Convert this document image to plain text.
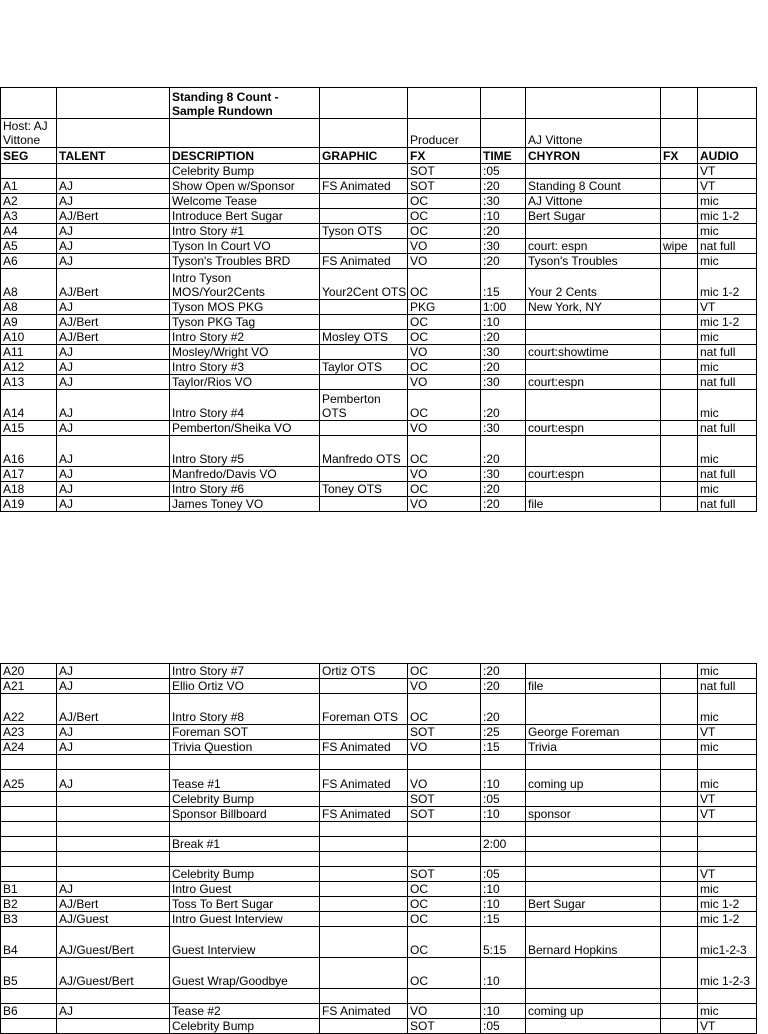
		Standing 8 Count - Sample Rundown						
Host: AJ Vittone				Producer		AJ Vittone		
SEG	TALENT	DESCRIPTION	GRAPHIC	FX	TIME	CHYRON	FX	AUDIO
		Celebrity Bump		SOT	:05			VT
A1	AJ	Show Open w/Sponsor	FS Animated	SOT	:20	Standing 8 Count		VT
A2	AJ	Welcome Tease		OC	:30	AJ Vittone		mic
A3	AJ/Bert	Introduce Bert Sugar		OC	:10	Bert Sugar		mic 1-2
A4	AJ	Intro Story #1	Tyson OTS	OC	:20			mic
A5	AJ	Tyson In Court VO		VO	:30	court: espn	wipe	nat full
A6	AJ	Tyson's Troubles BRD	FS Animated	VO	:20	Tyson's Troubles		mic
A8	AJ/Bert	Intro Tyson MOS/Your2Cents	Your2Cent OTS	OC	:15	Your 2 Cents		mic 1-2
A8	AJ	Tyson MOS PKG		PKG	1:00	New York, NY		VT
A9	AJ/Bert	Tyson PKG Tag		OC	:10			mic 1-2
A10	AJ/Bert	Intro Story #2	Mosley OTS	OC	:20			mic
A11	AJ	Mosley/Wright VO		VO	:30	court:showtime		nat full
A12	AJ	Intro Story #3	Taylor OTS	OC	:20			mic
A13	AJ	Taylor/Rios VO		VO	:30	court:espn		nat full
A14	AJ	Intro Story #4	Pemberton OTS	OC	:20			mic
A15	AJ	Pemberton/Sheika VO		VO	:30	court:espn		nat full
A16	AJ	Intro Story #5	Manfredo OTS	OC	:20			mic
A17	AJ	Manfredo/Davis VO		VO	:30	court:espn		nat full
A18	AJ	Intro Story #6	Toney OTS	OC	:20			mic
A19	AJ	James Toney VO		VO	:20	file		nat full
A20	AJ	Intro Story #7	Ortiz OTS	OC	:20			mic
A21	AJ	Ellio Ortiz VO		VO	:20	file		nat full
A22	AJ/Bert	Intro Story #8	Foreman OTS	OC	:20			mic
A23	AJ	Foreman SOT		SOT	:25	George Foreman		VT
A24	AJ	Trivia Question	FS Animated	VO	:15	Trivia		mic

A25	AJ	Tease #1	FS Animated	VO	:10	coming up		mic
		Celebrity Bump		SOT	:05			VT
		Sponsor Billboard	FS Animated	SOT	:10	sponsor		VT

		Break #1			2:00			

		Celebrity Bump		SOT	:05			VT
B1	AJ	Intro Guest		OC	:10			mic
B2	AJ/Bert	Toss To Bert Sugar		OC	:10	Bert Sugar		mic 1-2
B3	AJ/Guest	Intro Guest Interview		OC	:15			mic 1-2
B4	AJ/Guest/Bert	Guest Interview		OC	5:15	Bernard Hopkins		mic1-2-3
B5	AJ/Guest/Bert	Guest Wrap/Goodbye		OC	:10			mic 1-2-3

B6	AJ	Tease #2	FS Animated	VO	:10	coming up		mic
		Celebrity Bump		SOT	:05			VT
